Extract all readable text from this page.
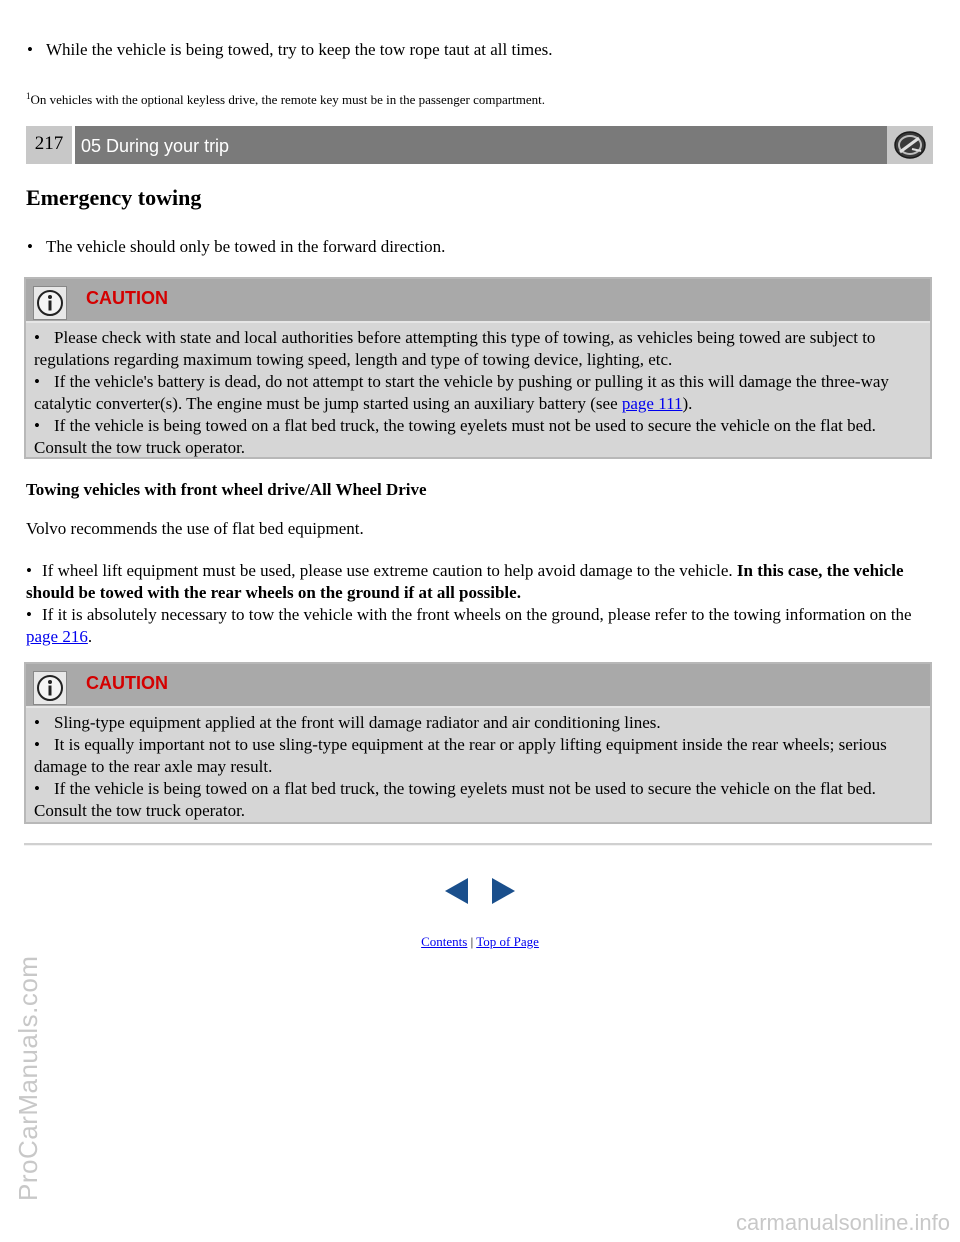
• While the vehicle is being towed, try to keep the tow rope taut at all times.
$^1$On vehicles with the optional keyless drive, the remote key must be in the passenger compartment.
217 05 During your trip
Emergency towing
• The vehicle should only be towed in the forward direction.
CAUTION
• Please check with state and local authorities before attempting this type of towing, as vehicles being towed are subject to regulations regarding maximum towing speed, length and type of towing device, lighting, etc.
• If the vehicle's battery is dead, do not attempt to start the vehicle by pushing or pulling it as this will damage the three-way catalytic converter(s). The engine must be jump started using an auxiliary battery (see page 111).
• If the vehicle is being towed on a flat bed truck, the towing eyelets must not be used to secure the vehicle on the flat bed. Consult the tow truck operator.
Towing vehicles with front wheel drive/All Wheel Drive
Volvo recommends the use of flat bed equipment.
• If wheel lift equipment must be used, please use extreme caution to help avoid damage to the vehicle. In this case, the vehicle should be towed with the rear wheels on the ground if at all possible.
• If it is absolutely necessary to tow the vehicle with the front wheels on the ground, please refer to the towing information on the page 216.
CAUTION
• Sling-type equipment applied at the front will damage radiator and air conditioning lines.
• It is equally important not to use sling-type equipment at the rear or apply lifting equipment inside the rear wheels; serious damage to the rear axle may result.
• If the vehicle is being towed on a flat bed truck, the towing eyelets must not be used to secure the vehicle on the flat bed. Consult the tow truck operator.
Contents | Top of Page
ProCarManuals.com
carmanualsonline.info
